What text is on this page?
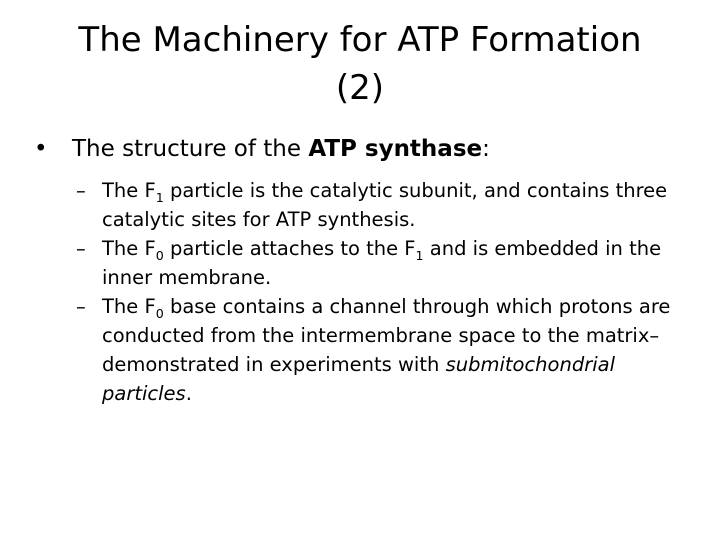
The Machinery for ATP Formation
(2)
• The structure of the ATP synthase:
– The $F_1$ particle is the catalytic subunit, and contains three catalytic sites for ATP synthesis.
– The $F_0$ particle attaches to the $F_1$ and is embedded in the inner membrane.
– The $F_0$ base contains a channel through which protons are conducted from the intermembrane space to the matrix–demonstrated in experiments with submitochondrial particles.
